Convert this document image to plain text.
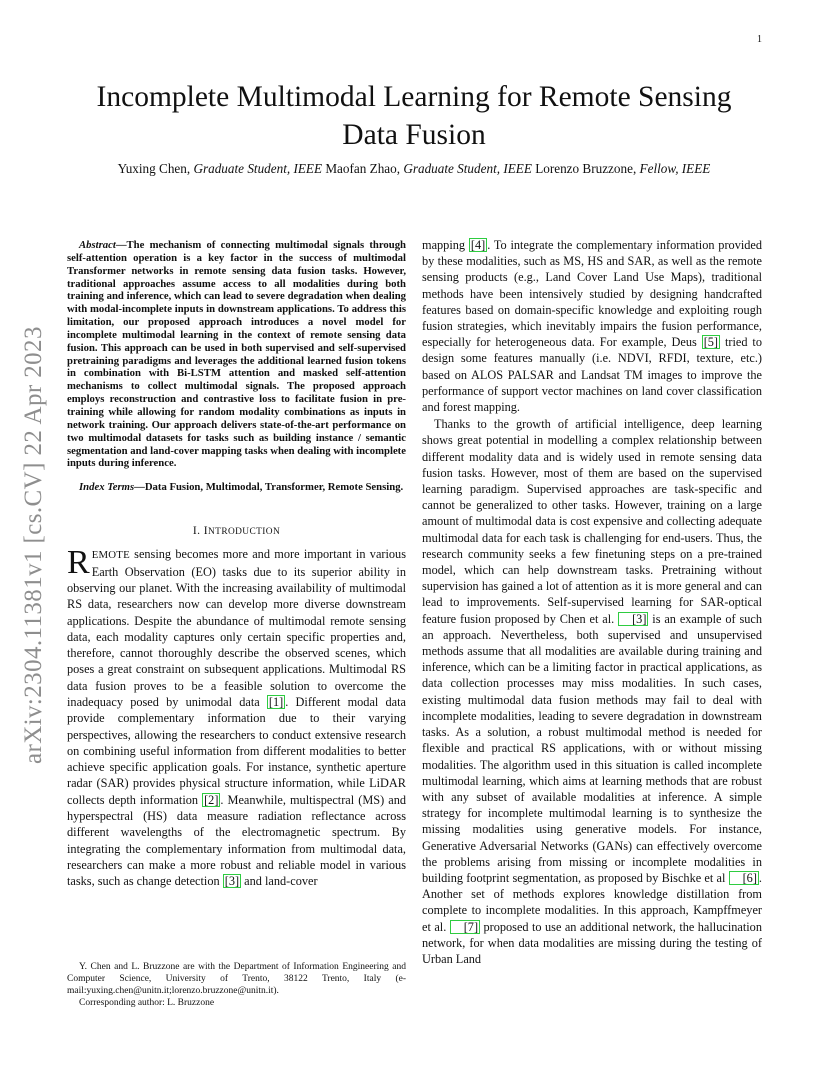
1
arXiv:2304.11381v1 [cs.CV] 22 Apr 2023
Incomplete Multimodal Learning for Remote Sensing Data Fusion
Yuxing Chen, Graduate Student, IEEE Maofan Zhao, Graduate Student, IEEE Lorenzo Bruzzone, Fellow, IEEE

Abstract—The mechanism of connecting multimodal signals through self-attention operation is a key factor in the success of multimodal Transformer networks in remote sensing data fusion tasks. However, traditional approaches assume access to all modalities during both training and inference, which can lead to severe degradation when dealing with modal-incomplete inputs in downstream applications. To address this limitation, our proposed approach introduces a novel model for incomplete multimodal learning in the context of remote sensing data fusion. This approach can be used in both supervised and self-supervised pretraining paradigms and leverages the additional learned fusion tokens in combination with Bi-LSTM attention and masked self-attention mechanisms to collect multimodal signals. The proposed approach employs reconstruction and contrastive loss to facilitate fusion in pre-training while allowing for random modality combinations as inputs in network training. Our approach delivers state-of-the-art performance on two multimodal datasets for tasks such as building instance / semantic segmentation and land-cover mapping tasks when dealing with incomplete inputs during inference.

Index Terms—Data Fusion, Multimodal, Transformer, Remote Sensing.

I. INTRODUCTION

REMOTE sensing becomes more and more important in various Earth Observation (EO) tasks due to its superior ability in observing our planet. With the increasing availability of multimodal RS data, researchers now can develop more diverse downstream applications. Despite the abundance of multimodal remote sensing data, each modality captures only certain specific properties and, therefore, cannot thoroughly describe the observed scenes, which poses a great constraint on subsequent applications. Multimodal RS data fusion proves to be a feasible solution to overcome the inadequacy posed by unimodal data [1] . Different modal data provide complementary information due to their varying perspectives, allowing the researchers to conduct extensive research on combining useful information from different modalities to better achieve specific application goals. For instance, synthetic aperture radar (SAR) provides physical structure information, while LiDAR collects depth information [2] . Meanwhile, multispectral (MS) and hyperspectral (HS) data measure radiation reflectance across different wavelengths of the electromagnetic spectrum. By integrating the complementary information from multimodal data, researchers can make a more robust and reliable model in various tasks, such as change detection [3] and land-cover

mapping [4] . To integrate the complementary information provided by these modalities, such as MS, HS and SAR, as well as the remote sensing products (e.g., Land Cover Land Use Maps), traditional methods have been intensively studied by designing handcrafted features based on domain-specific knowledge and exploiting rough fusion strategies, which inevitably impairs the fusion performance, especially for heterogeneous data. For example, Deus [5] tried to design some features manually (i.e. NDVI, RFDI, texture, etc.) based on ALOS PALSAR and Landsat TM images to improve the performance of support vector machines on land cover classification and forest mapping.

Thanks to the growth of artificial intelligence, deep learning shows great potential in modelling a complex relationship between different modality data and is widely used in remote sensing data fusion tasks. However, most of them are based on the supervised learning paradigm. Supervised approaches are task-specific and cannot be generalized to other tasks. However, training on a large amount of multimodal data is cost expensive and collecting adequate multimodal data for each task is challenging for end-users. Thus, the research community seeks a few finetuning steps on a pre-trained model, which can help downstream tasks. Pretraining without supervision has gained a lot of attention as it is more general and can lead to improvements. Self-supervised learning for SAR-optical feature fusion proposed by Chen et al. [3] is an example of such an approach. Nevertheless, both supervised and unsupervised methods assume that all modalities are available during training and inference, which can be a limiting factor in practical applications, as data collection processes may miss modalities. In such cases, existing multimodal data fusion methods may fail to deal with incomplete modalities, leading to severe degradation in downstream tasks. As a solution, a robust multimodal method is needed for flexible and practical RS applications, with or without missing modalities. The algorithm used in this situation is called incomplete multimodal learning, which aims at learning methods that are robust with any subset of available modalities at inference. A simple strategy for incomplete multimodal learning is to synthesize the missing modalities using generative models. For instance, Generative Adversarial Networks (GANs) can effectively overcome the problems arising from missing or incomplete modalities in building footprint segmentation, as proposed by Bischke et al [6] . Another set of methods explores knowledge distillation from complete to incomplete modalities. In this approach, Kampffmeyer et al. [7] proposed to use an additional network, the hallucination network, for when data modalities are missing during the testing of Urban Land

Y. Chen and L. Bruzzone are with the Department of Information Engineering and Computer Science, University of Trento, 38122 Trento, Italy (e-mail:yuxing.chen@unitn.it;lorenzo.bruzzone@unitn.it).

Corresponding author: L. Bruzzone
